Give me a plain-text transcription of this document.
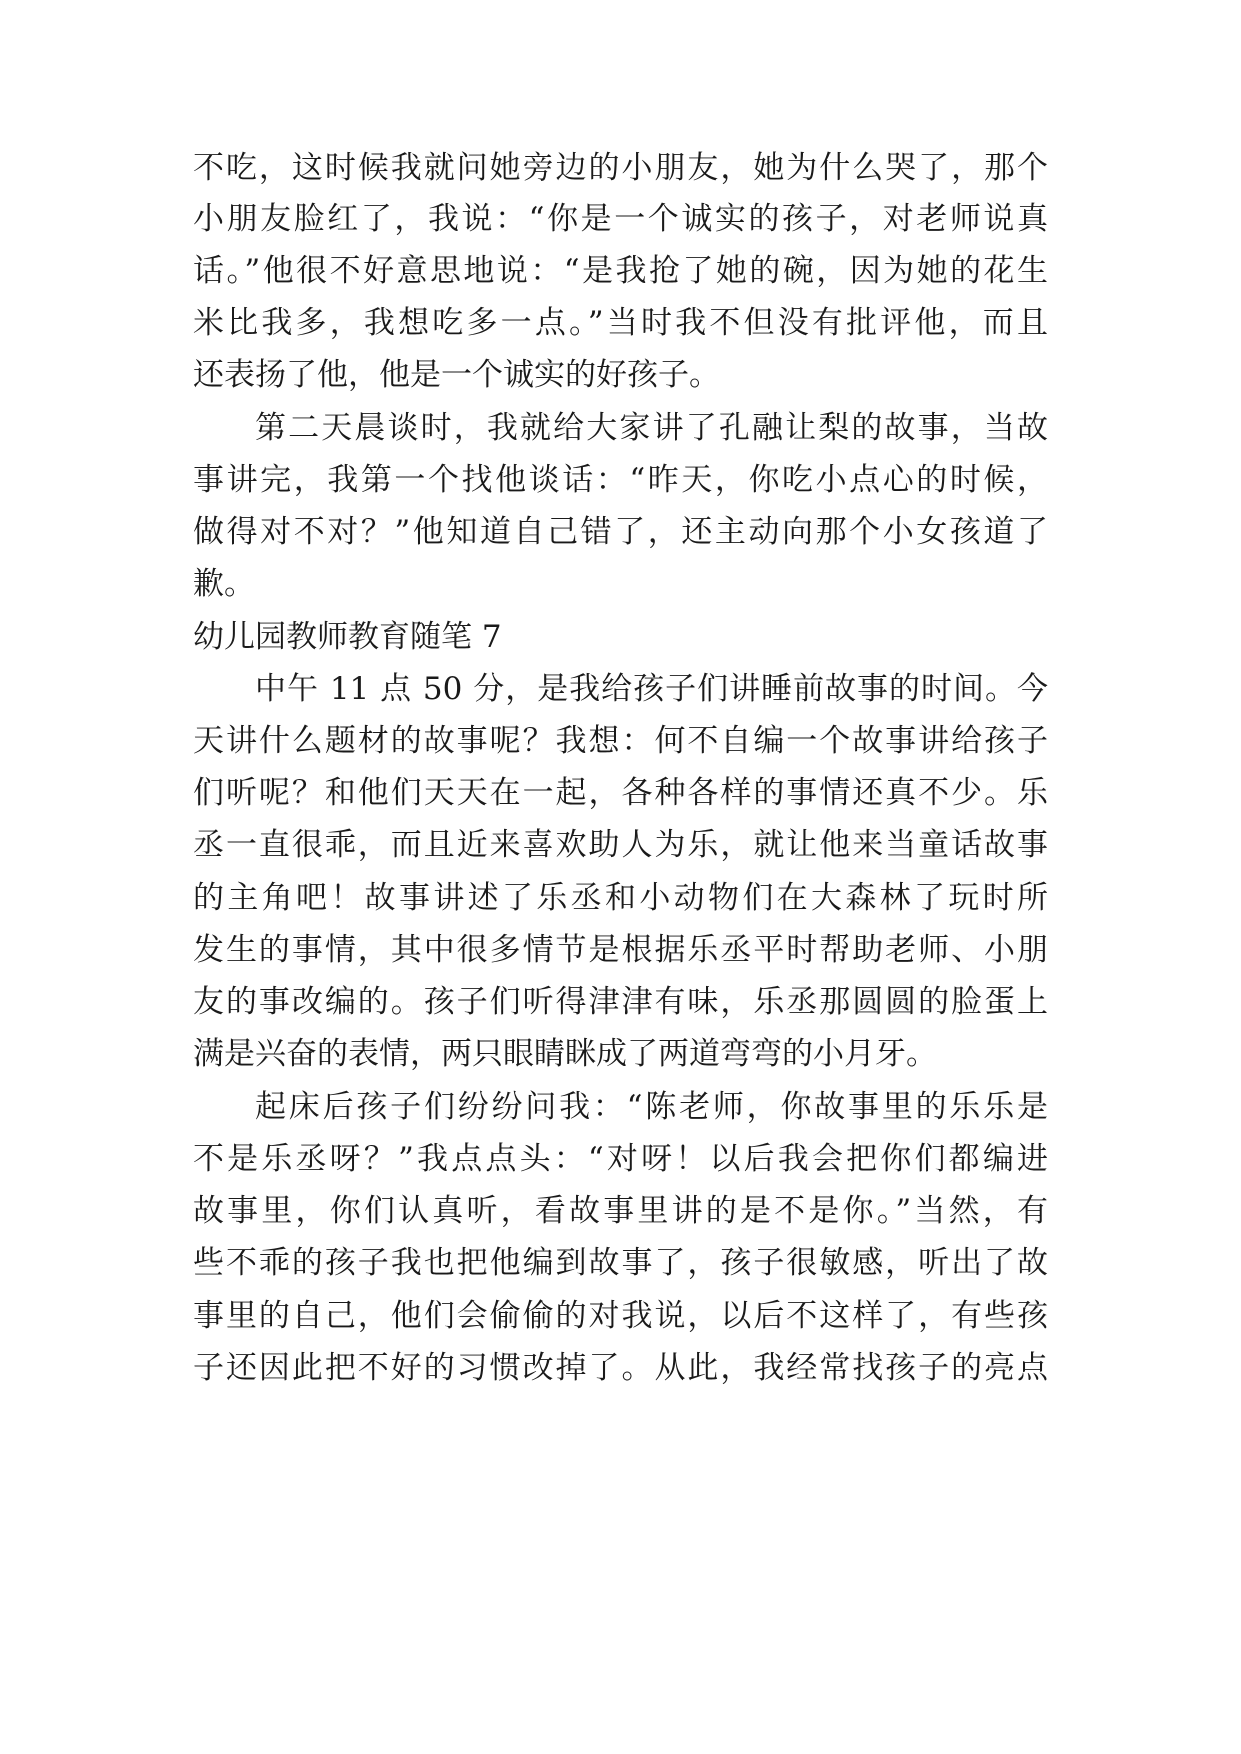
不吃，这时候我就问她旁边的小朋友，她为什么哭了，那个
小朋友脸红了，我说：“你是一个诚实的孩子，对老师说真
话。”他很不好意思地说：“是我抢了她的碗，因为她的花生
米比我多，我想吃多一点。”当时我不但没有批评他，而且
还表扬了他，他是一个诚实的好孩子。
第二天晨谈时，我就给大家讲了孔融让梨的故事，当故
事讲完，我第一个找他谈话：“昨天，你吃小点心的时候，
做得对不对？”他知道自己错了，还主动向那个小女孩道了
歉。
幼儿园教师教育随笔 7
中午 11 点 50 分，是我给孩子们讲睡前故事的时间。今
天讲什么题材的故事呢？我想：何不自编一个故事讲给孩子
们听呢？和他们天天在一起，各种各样的事情还真不少。乐
丞一直很乖，而且近来喜欢助人为乐，就让他来当童话故事
的主角吧！故事讲述了乐丞和小动物们在大森林了玩时所
发生的事情，其中很多情节是根据乐丞平时帮助老师、小朋
友的事改编的。孩子们听得津津有味，乐丞那圆圆的脸蛋上
满是兴奋的表情，两只眼睛眯成了两道弯弯的小月牙。
起床后孩子们纷纷问我：“陈老师，你故事里的乐乐是
不是乐丞呀？”我点点头：“对呀！以后我会把你们都编进
故事里，你们认真听，看故事里讲的是不是你。”当然，有
些不乖的孩子我也把他编到故事了，孩子很敏感，听出了故
事里的自己，他们会偷偷的对我说，以后不这样了，有些孩
子还因此把不好的习惯改掉了。从此，我经常找孩子的亮点
